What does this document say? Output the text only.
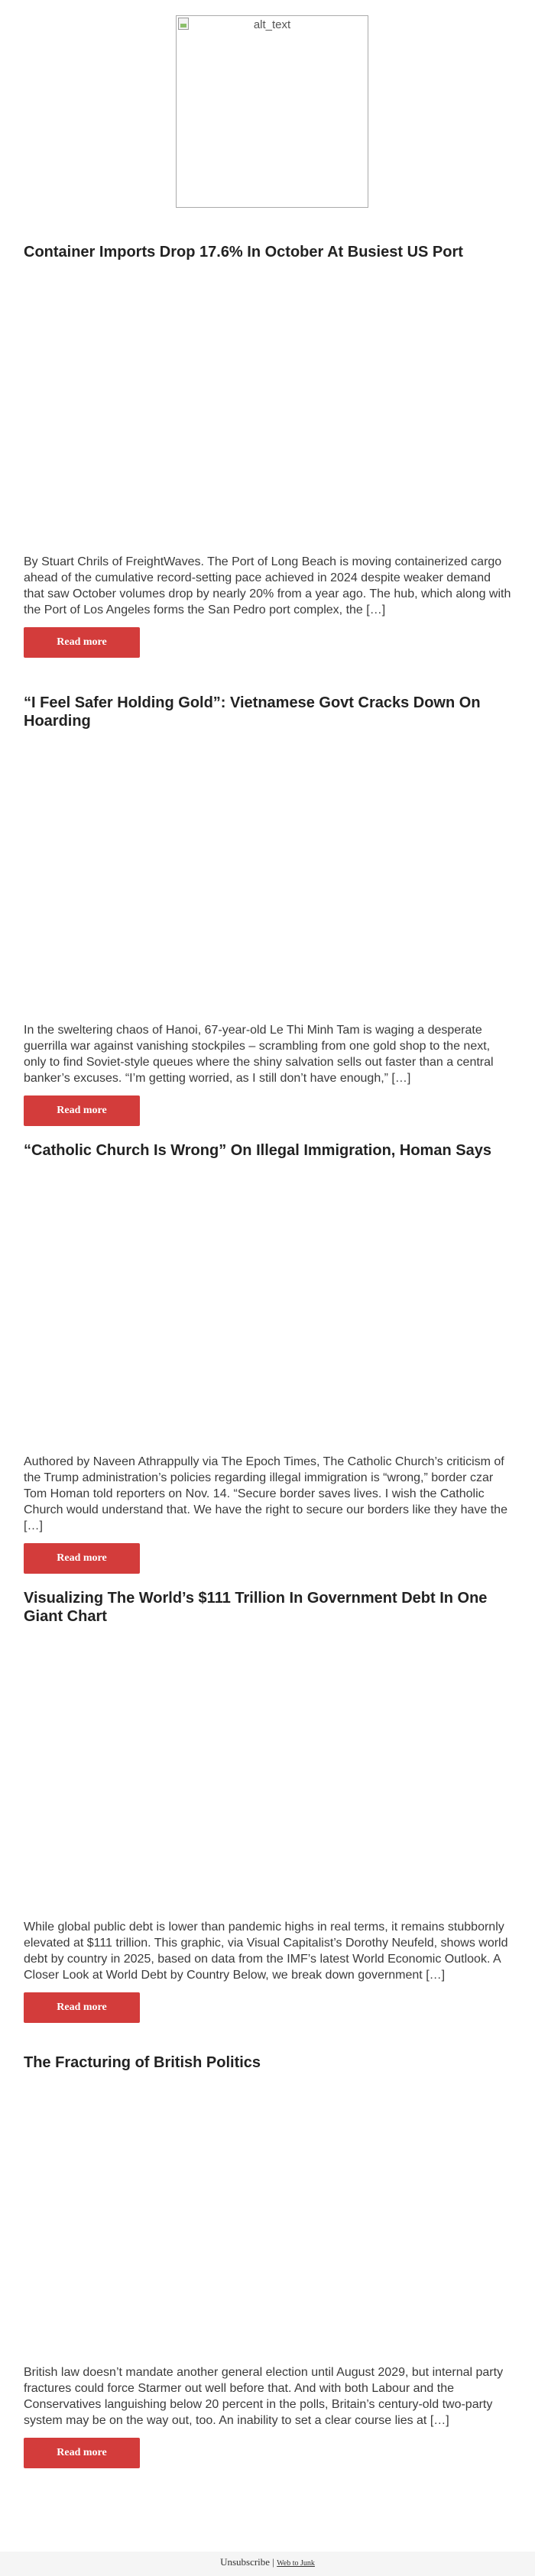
alt_text
Container Imports Drop 17.6% In October At Busiest US Port

By Stuart Chrils of FreightWaves. The Port of Long Beach is moving containerized cargo ahead of the cumulative record-setting pace achieved in 2024 despite weaker demand that saw October volumes drop by nearly 20% from a year ago. The hub, which along with the Port of Los Angeles forms the San Pedro port complex, the […]

Read more
“I Feel Safer Holding Gold”: Vietnamese Govt Cracks Down On Hoarding

In the sweltering chaos of Hanoi, 67-year-old Le Thi Minh Tam is waging a desperate guerrilla war against vanishing stockpiles – scrambling from one gold shop to the next, only to find Soviet-style queues where the shiny salvation sells out faster than a central banker’s excuses. “I’m getting worried, as I still don’t have enough,” […]

Read more
“Catholic Church Is Wrong” On Illegal Immigration, Homan Says

Authored by Naveen Athrappully via The Epoch Times, The Catholic Church’s criticism of the Trump administration’s policies regarding illegal immigration is “wrong,” border czar Tom Homan told reporters on Nov. 14. “Secure border saves lives. I wish the Catholic Church would understand that. We have the right to secure our borders like they have the […]

Read more
Visualizing The World’s $111 Trillion In Government Debt In One Giant Chart

While global public debt is lower than pandemic highs in real terms, it remains stubbornly elevated at $111 trillion. This graphic, via Visual Capitalist’s Dorothy Neufeld, shows world debt by country in 2025, based on data from the IMF’s latest World Economic Outlook. A Closer Look at World Debt by Country Below, we break down government […]

Read more
The Fracturing of British Politics

British law doesn’t mandate another general election until August 2029, but internal party fractures could force Starmer out well before that. And with both Labour and the Conservatives languishing below 20 percent in the polls, Britain’s century-old two-party system may be on the way out, too. An inability to set a clear course lies at […]

Read more
Unsubscribe | Web to Junk
